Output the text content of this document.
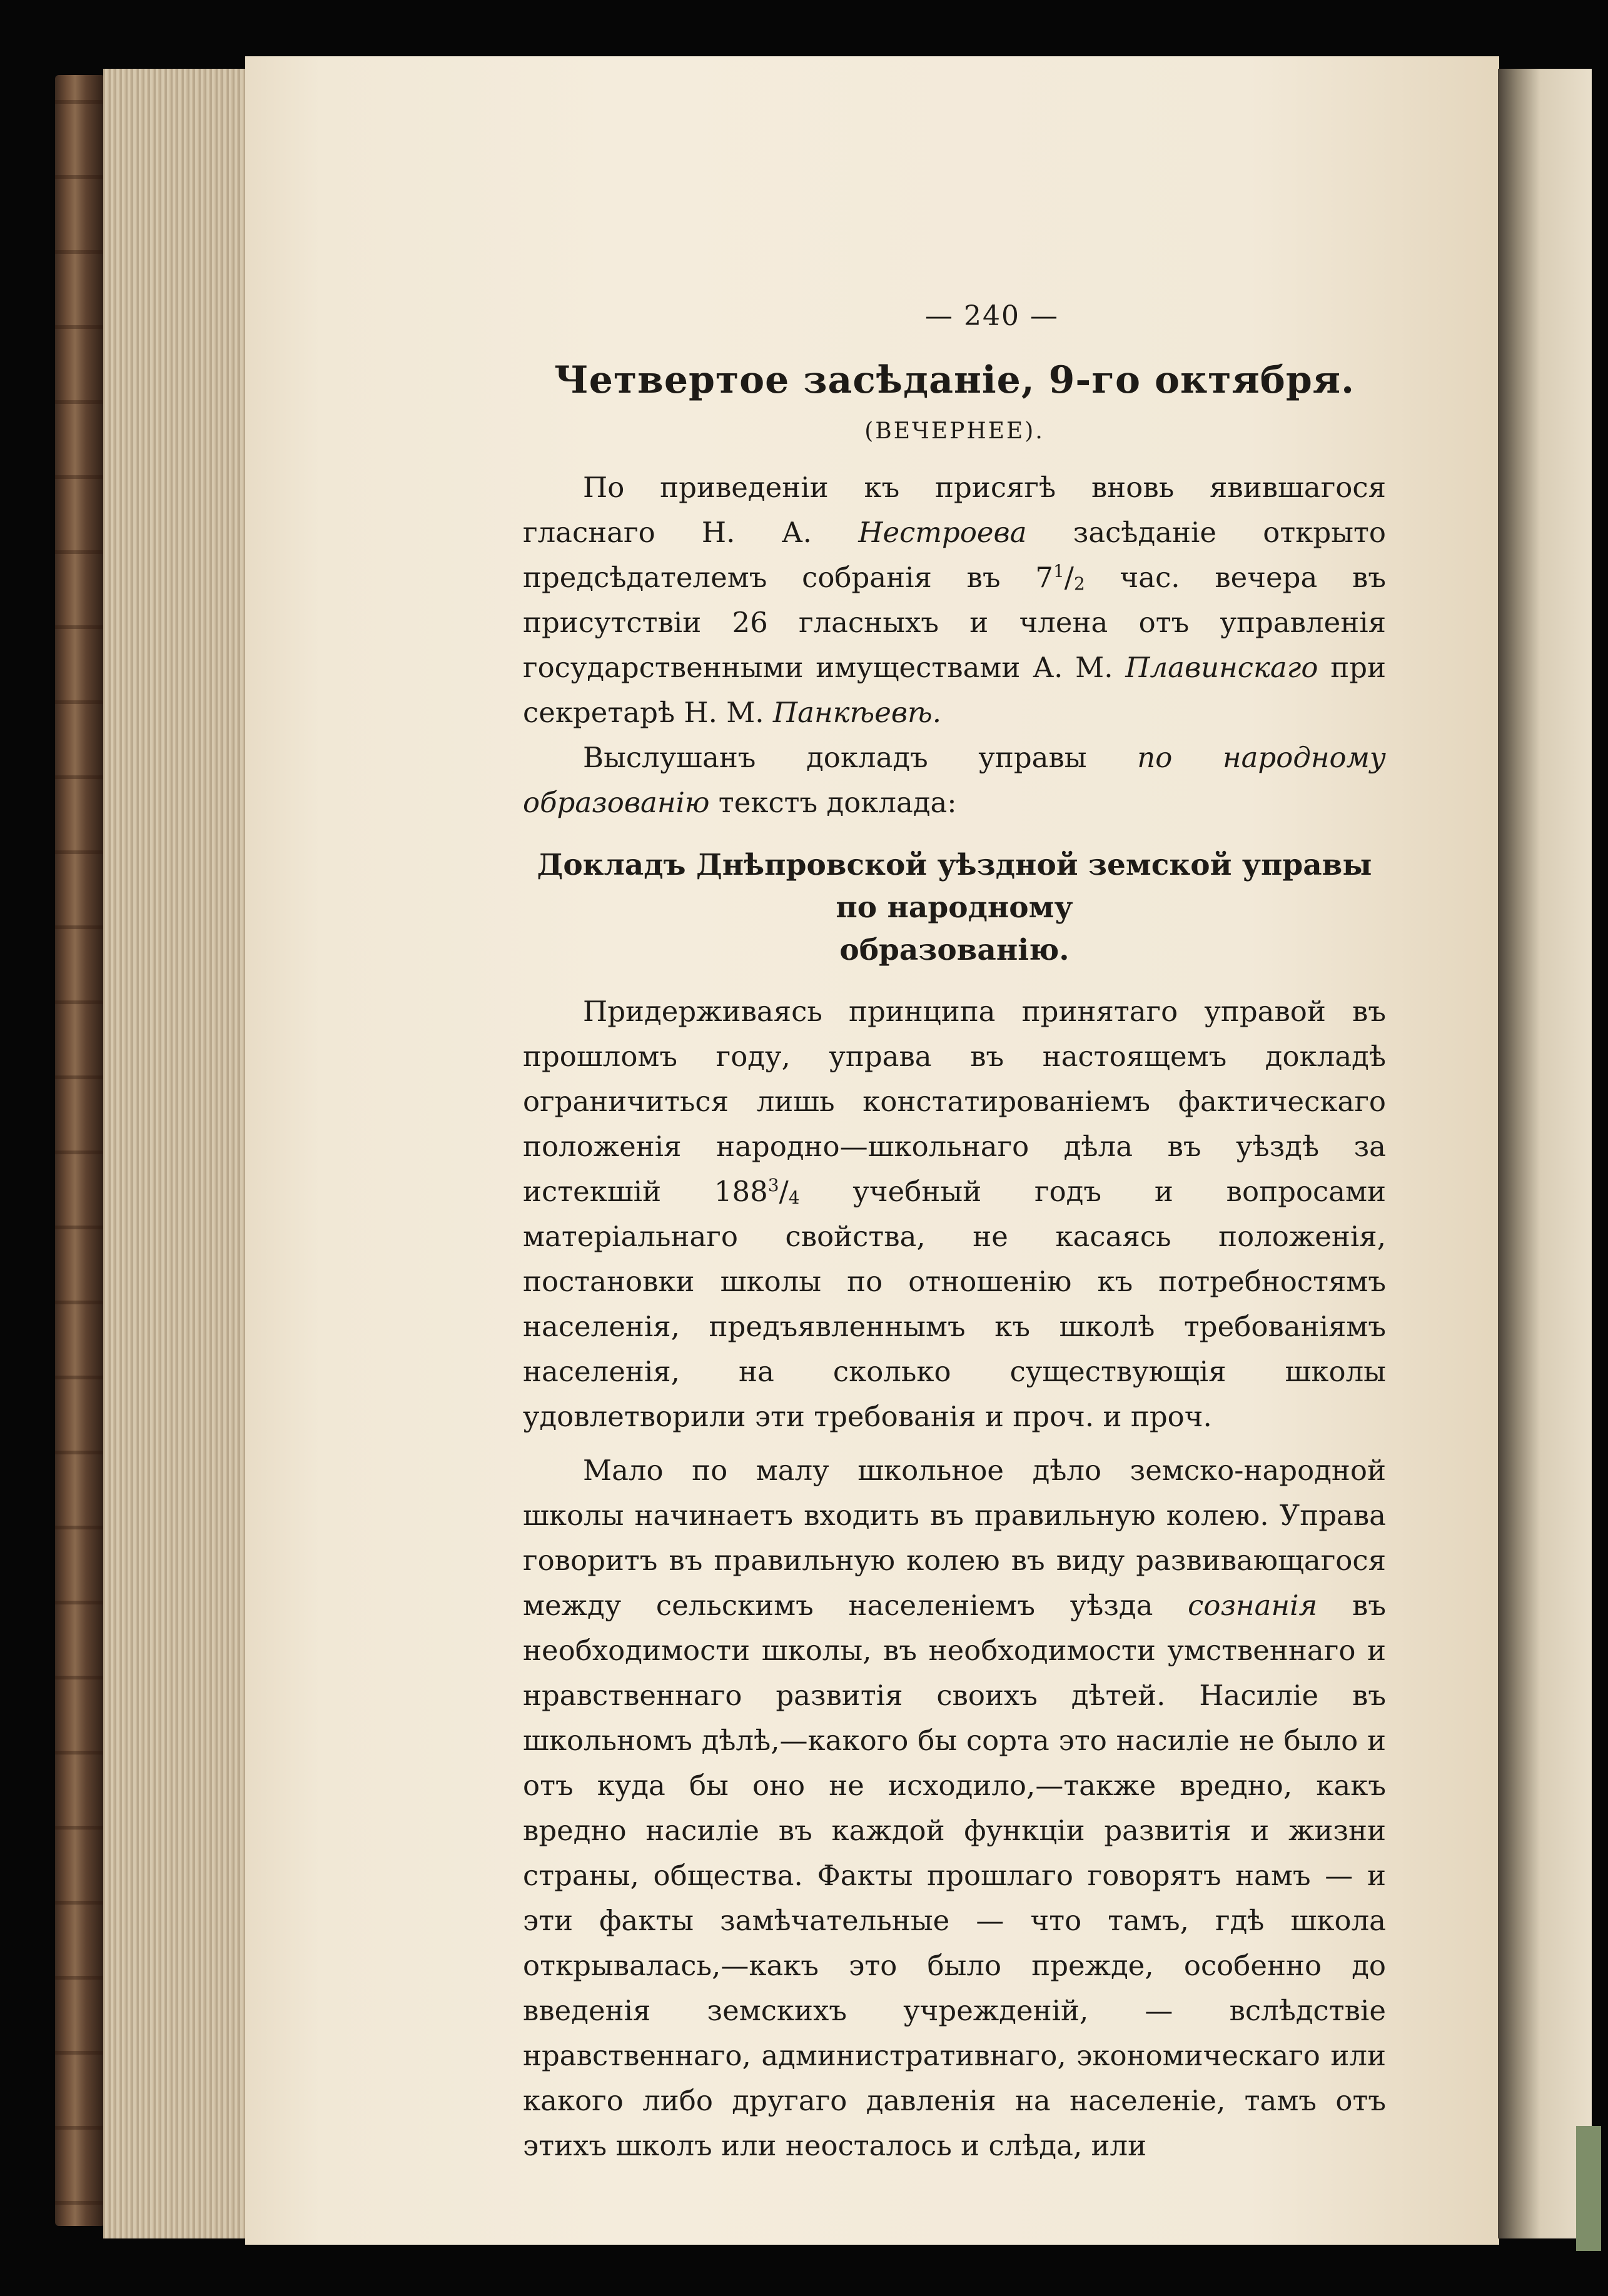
— 240 —
Четвертое засѣданіе, 9-го октября.
(ВЕЧЕРНЕЕ).

По приведеніи къ присягѣ вновь явившагося гласнаго Н. А. Нестроева засѣданіе открыто предсѣдателемъ собранія въ $7^1/_2$ час. вечера въ присутствіи 26 гласныхъ и члена отъ управленія государственными имуществами А. М. Плавинскаго при секретарѣ Н. М. Панкѣевѣ.

Выслушанъ докладъ управы по народному образованію текстъ доклада:

Докладъ Днѣпровской уѣздной земской управы по народному
образованію.

Придерживаясь принципа принятаго управой въ прошломъ году, управа въ настоящемъ докладѣ ограничиться лишь констатированіемъ фактическаго положенія народно—школьнаго дѣла въ уѣздѣ за истекшій $188^3/_4$ учебный годъ и вопросами матеріальнаго свойства, не касаясь положенія, постановки школы по отношенію къ потребностямъ населенія, предъявленнымъ къ школѣ требованіямъ населенія, на сколько существующія школы удовлетворили эти требованія и проч. и проч.

Мало по малу школьное дѣло земско-народной школы начинаетъ входить въ правильную колею. Управа говоритъ въ правильную колею въ виду развивающагося между сельскимъ населеніемъ уѣзда сознанія въ необходимости школы, въ необходимости умственнаго и нравственнаго развитія своихъ дѣтей. Насиліе въ школьномъ дѣлѣ,—какого бы сорта это насиліе не было и отъ куда бы оно не исходило,—также вредно, какъ вредно насиліе въ каждой функціи развитія и жизни страны, общества. Факты прошлаго говорятъ намъ — и эти факты замѣчательные — что тамъ, гдѣ школа открывалась,—какъ это было прежде, особенно до введенія земскихъ учрежденій, — вслѣдствіе нравственнаго, административнаго, экономическаго или какого либо другаго давленія на населеніе, тамъ отъ этихъ школъ или неосталось и слѣда, или
